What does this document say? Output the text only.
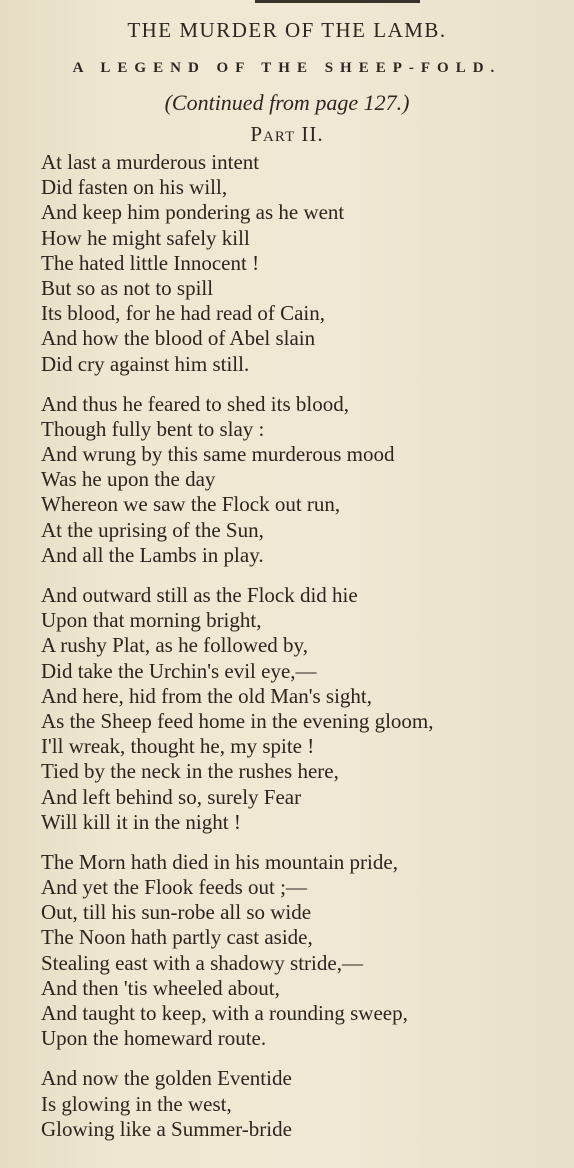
THE MURDER OF THE LAMB.
A LEGEND OF THE SHEEP-FOLD.
(Continued from page 127.)
Part II.
At last a murderous intent
Did fasten on his will,
And keep him pondering as he went
How he might safely kill
The hated little Innocent !
But so as not to spill
Its blood, for he had read of Cain,
And how the blood of Abel slain
Did cry against him still.
And thus he feared to shed its blood,
Though fully bent to slay :
And wrung by this same murderous mood
Was he upon the day
Whereon we saw the Flock out run,
At the uprising of the Sun,
And all the Lambs in play.
And outward still as the Flock did hie
Upon that morning bright,
A rushy Plat, as he followed by,
Did take the Urchin's evil eye,—
And here, hid from the old Man's sight,
As the Sheep feed home in the evening gloom,
I'll wreak, thought he, my spite !
Tied by the neck in the rushes here,
And left behind so, surely Fear
Will kill it in the night !
The Morn hath died in his mountain pride,
And yet the Flook feeds out ;—
Out, till his sun-robe all so wide
The Noon hath partly cast aside,
Stealing east with a shadowy stride,—
And then 'tis wheeled about,
And taught to keep, with a rounding sweep,
Upon the homeward route.
And now the golden Eventide
Is glowing in the west,
Glowing like a Summer-bride
